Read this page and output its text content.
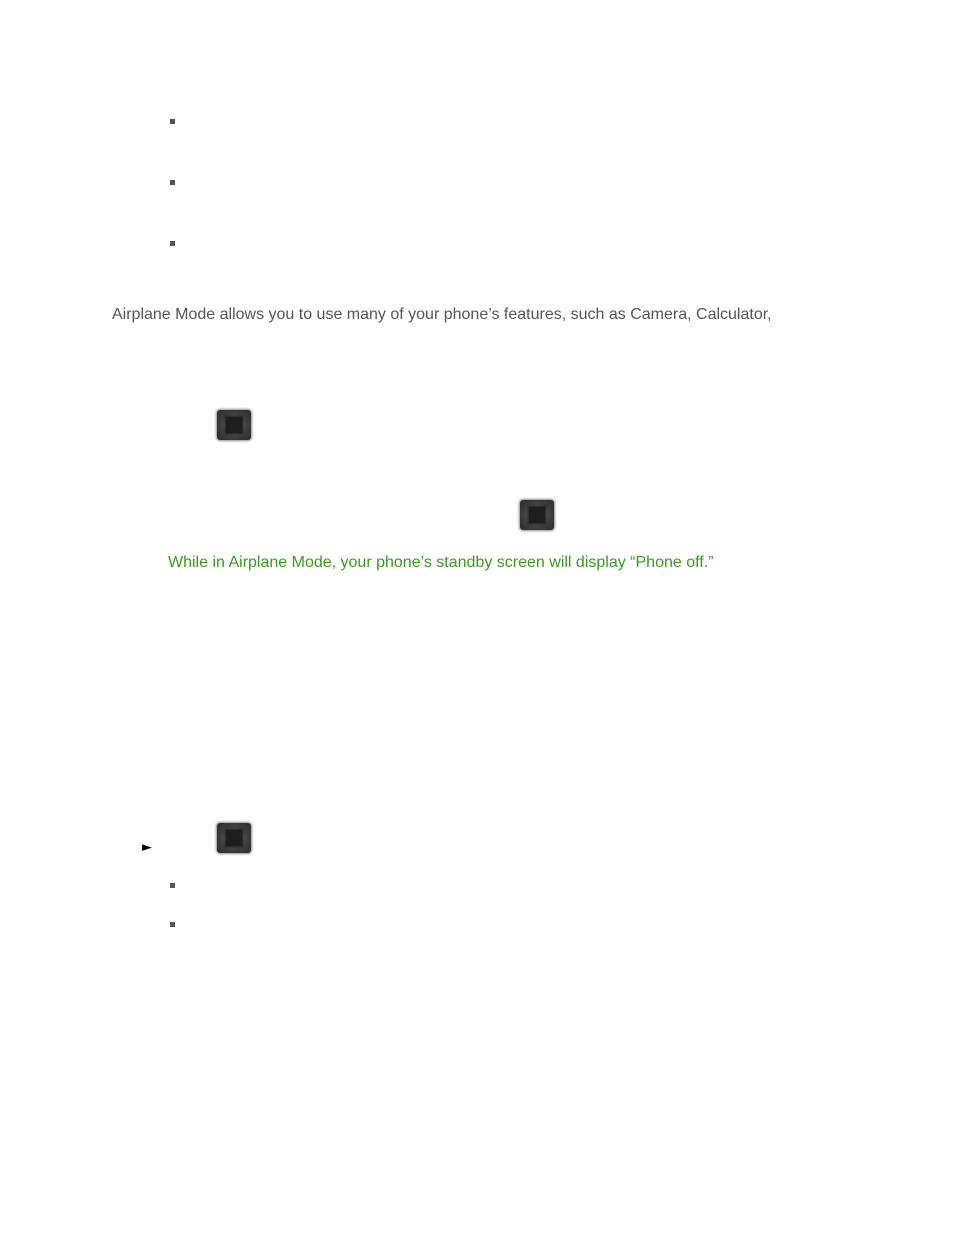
Airplane Mode allows you to use many of your phone’s features, such as Camera, Calculator,
While in Airplane Mode, your phone’s standby screen will display “Phone off.”
►
